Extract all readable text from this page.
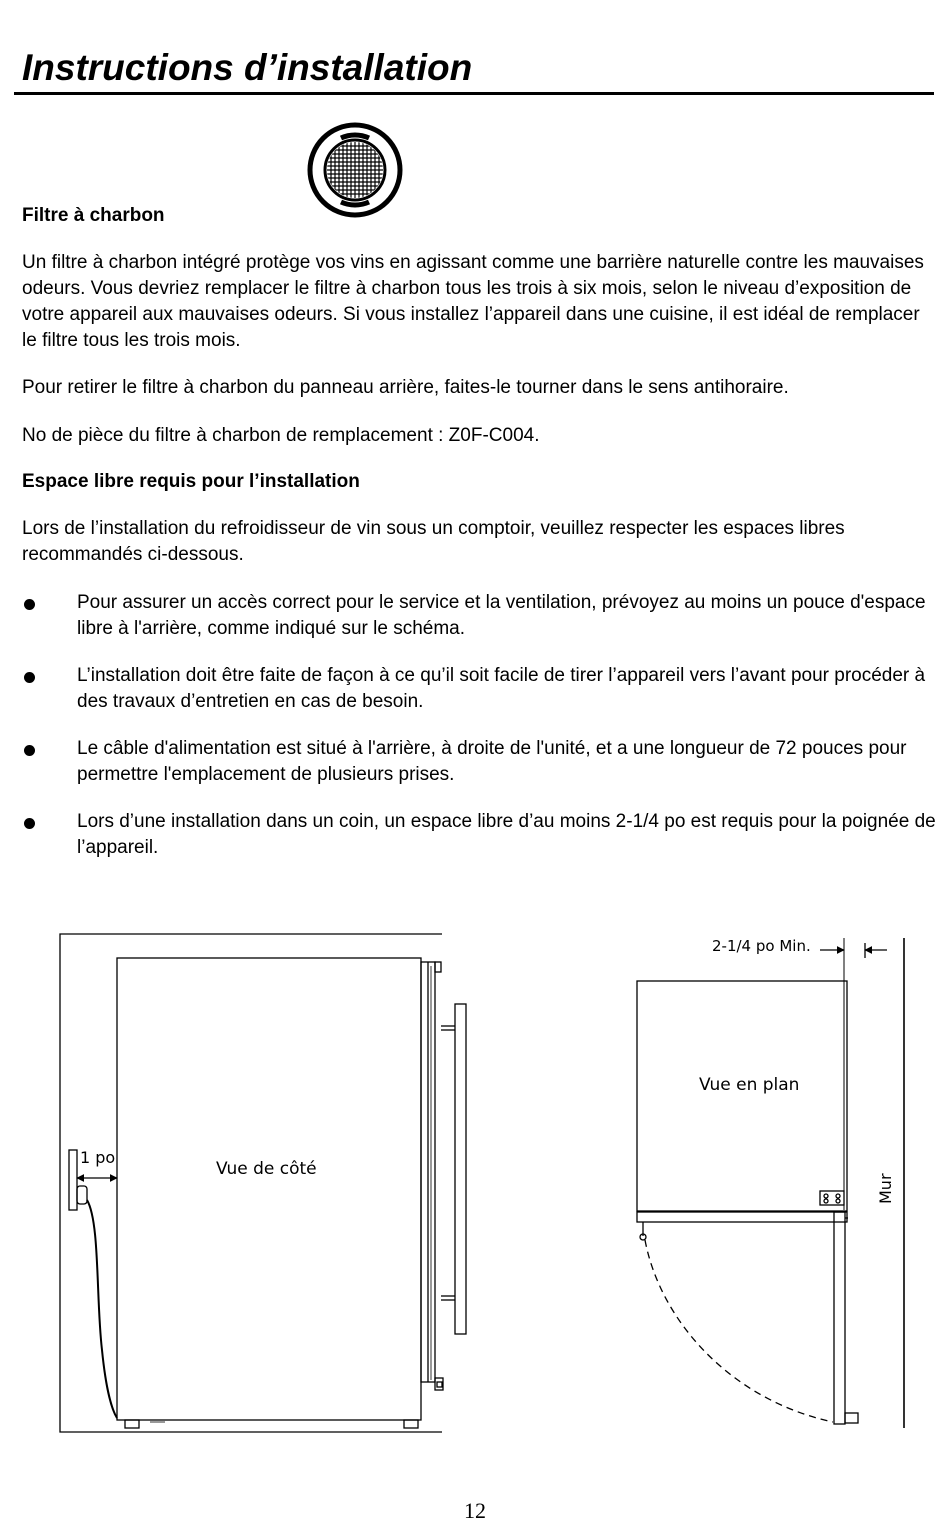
Instructions d’installation

Filtre à charbon

Un filtre à charbon intégré protège vos vins en agissant comme une barrière naturelle contre les mauvaises odeurs. Vous devriez remplacer le filtre à charbon tous les trois à six mois, selon le niveau d’exposition de votre appareil aux mauvaises odeurs. Si vous installez l’appareil dans une cuisine, il est idéal de remplacer le filtre tous les trois mois.

Pour retirer le filtre à charbon du panneau arrière, faites-le tourner dans le sens antihoraire.

No de pièce du filtre à charbon de remplacement : Z0F-C004.

Espace libre requis pour l’installation

Lors de l’installation du refroidisseur de vin sous un comptoir, veuillez respecter les espaces libres recommandés ci-dessous.

Pour assurer un accès correct pour le service et la ventilation, prévoyez au moins un pouce d'espace libre à l'arrière, comme indiqué sur le schéma.

L’installation doit être faite de façon à ce qu’il soit facile de tirer l’appareil vers l’avant pour procéder à des travaux d’entretien en cas de besoin.

Le câble d'alimentation est situé à l'arrière, à droite de l'unité, et a une longueur de 72 pouces pour permettre l'emplacement de plusieurs prises.

Lors d’une installation dans un coin, un espace libre d’au moins 2-1/4 po est requis pour la poignée de l’appareil.

1 po
Vue de côté
2-1/4 po Min.
Vue en plan
Mur
12
